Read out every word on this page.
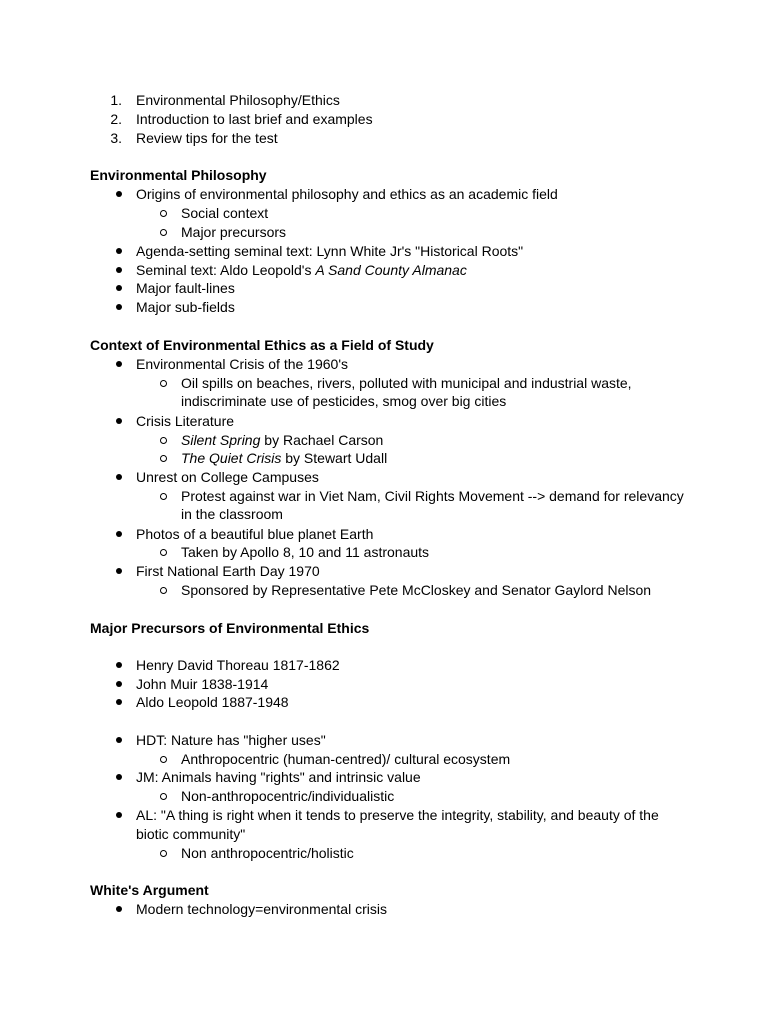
1. Environmental Philosophy/Ethics
2. Introduction to last brief and examples
3. Review tips for the test
Environmental Philosophy
Origins of environmental philosophy and ethics as an academic field
Social context
Major precursors
Agenda-setting seminal text: Lynn White Jr's "Historical Roots"
Seminal text: Aldo Leopold's A Sand County Almanac
Major fault-lines
Major sub-fields
Context of Environmental Ethics as a Field of Study
Environmental Crisis of the 1960's
Oil spills on beaches, rivers, polluted with municipal and industrial waste,
indiscriminate use of pesticides, smog over big cities
Crisis Literature
Silent Spring by Rachael Carson
The Quiet Crisis by Stewart Udall
Unrest on College Campuses
Protest against war in Viet Nam, Civil Rights Movement --> demand for relevancy
in the classroom
Photos of a beautiful blue planet Earth
Taken by Apollo 8, 10 and 11 astronauts
First National Earth Day 1970
Sponsored by Representative Pete McCloskey and Senator Gaylord Nelson
Major Precursors of Environmental Ethics
Henry David Thoreau 1817-1862
John Muir 1838-1914
Aldo Leopold 1887-1948
HDT: Nature has "higher uses"
Anthropocentric (human-centred)/ cultural ecosystem
JM: Animals having "rights" and intrinsic value
Non-anthropocentric/individualistic
AL: "A thing is right when it tends to preserve the integrity, stability, and beauty of the
biotic community"
Non anthropocentric/holistic
White's Argument
Modern technology=environmental crisis
